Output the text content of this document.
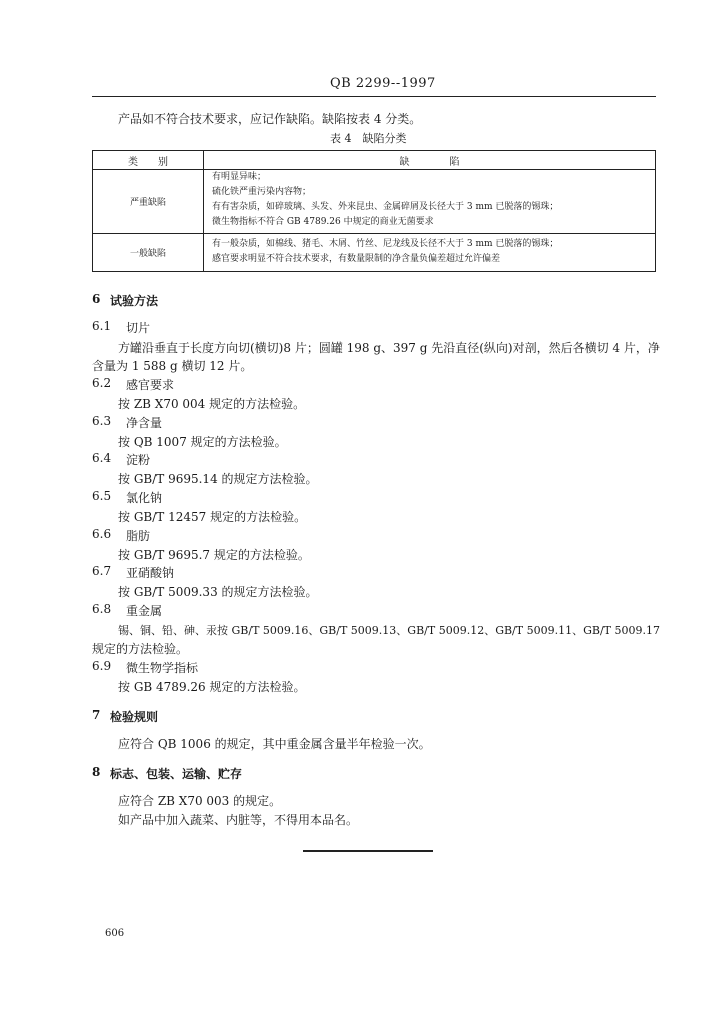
QB 2299--1997
产品如不符合技术要求，应记作缺陷。缺陷按表 4 分类。
表 4　缺陷分类
类　　别	缺　　　　陷
严重缺陷	有明显异味；
硫化铁严重污染内容物；
有有害杂质，如碎玻璃、头发、外来昆虫、金属碎屑及长径大于 3 mm 已脱落的锡珠；
微生物指标不符合 GB 4789.26 中规定的商业无菌要求

一般缺陷	有一般杂质，如棉线、猪毛、木屑、竹丝、尼龙线及长径不大于 3 mm 已脱落的锡珠；
感官要求明显不符合技术要求，有数量限制的净含量负偏差超过允许偏差
6 试验方法
6.1 切片
方罐沿垂直于长度方向切(横切)8 片；圆罐 198 g、397 g 先沿直径(纵向)对剖，然后各横切 4 片，净
含量为 1 588 g 横切 12 片。
6.2 感官要求
按 ZB X70 004 规定的方法检验。
6.3 净含量
按 QB 1007 规定的方法检验。
6.4 淀粉
按 GB/T 9695.14 的规定方法检验。
6.5 氯化钠
按 GB/T 12457 规定的方法检验。
6.6 脂肪
按 GB/T 9695.7 规定的方法检验。
6.7 亚硝酸钠
按 GB/T 5009.33 的规定方法检验。
6.8 重金属
锡、铜、铅、砷、汞按 GB/T 5009.16、GB/T 5009.13、GB/T 5009.12、GB/T 5009.11、GB/T 5009.17
规定的方法检验。
6.9 微生物学指标
按 GB 4789.26 规定的方法检验。
7 检验规则
应符合 QB 1006 的规定，其中重金属含量半年检验一次。
8 标志、包装、运输、贮存
应符合 ZB X70 003 的规定。
如产品中加入蔬菜、内脏等，不得用本品名。
606
